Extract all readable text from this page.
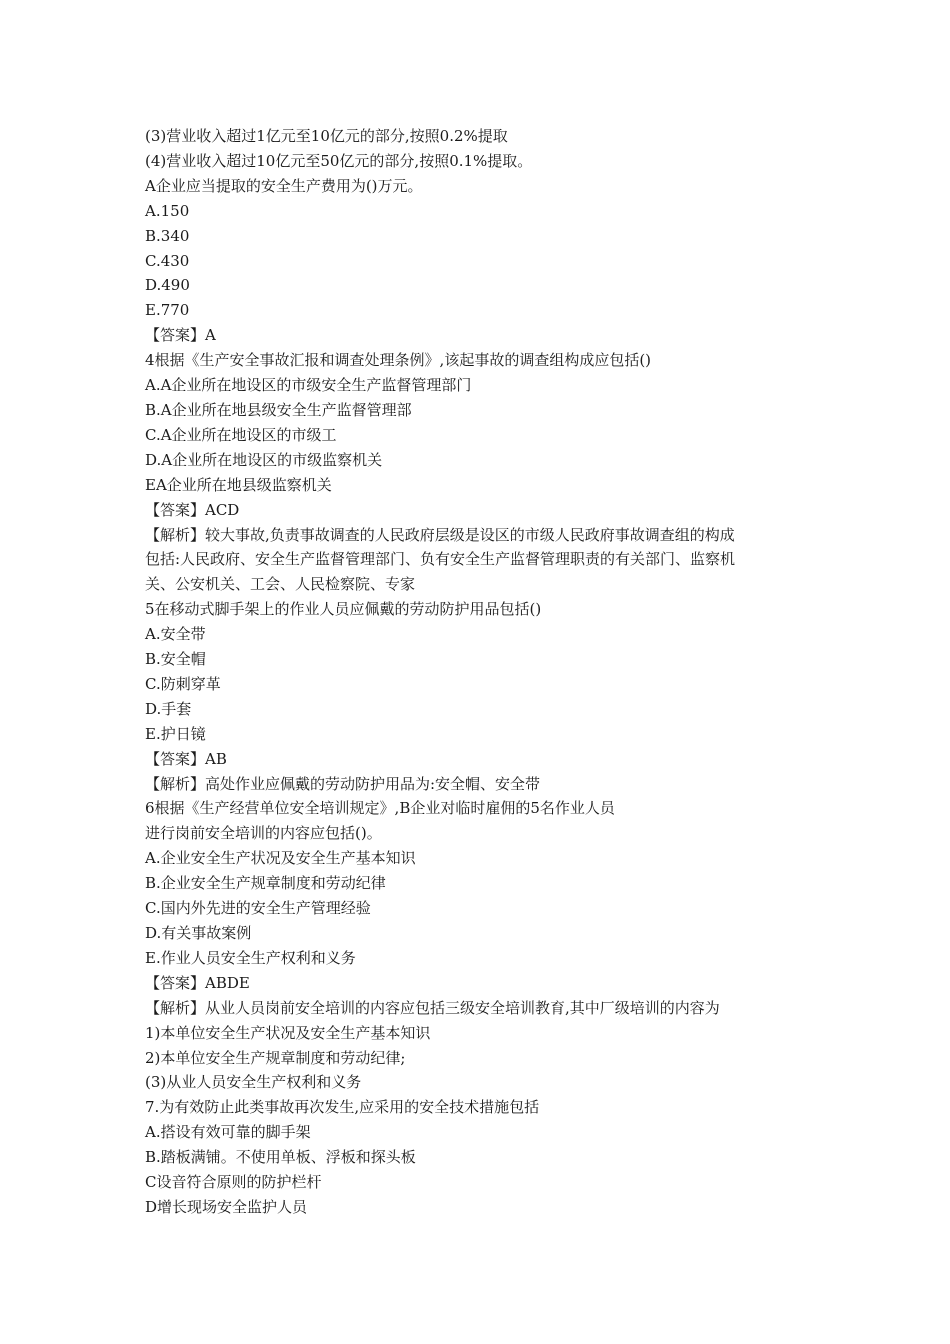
(3)营业收入超过1亿元至10亿元的部分,按照0.2%提取
(4)营业收入超过10亿元至50亿元的部分,按照0.1%提取。
A企业应当提取的安全生产费用为()万元。
A.150
B.340
C.430
D.490
E.770
【答案】A
4根据《生产安全事故汇报和调查处理条例》,该起事故的调查组构成应包括()
A.A企业所在地设区的市级安全生产监督管理部门
B.A企业所在地县级安全生产监督管理部
C.A企业所在地设区的市级工
D.A企业所在地设区的市级监察机关
EA企业所在地县级监察机关
【答案】ACD
【解析】较大事故,负责事故调查的人民政府层级是设区的市级人民政府事故调查组的构成
包括:人民政府、安全生产监督管理部门、负有安全生产监督管理职责的有关部门、监察机
关、公安机关、工会、人民检察院、专家
5在移动式脚手架上的作业人员应佩戴的劳动防护用品包括()
A.安全带
B.安全帽
C.防刺穿革
D.手套
E.护日镜
【答案】AB
【解析】高处作业应佩戴的劳动防护用品为:安全帽、安全带
6根据《生产经营单位安全培训规定》,B企业对临时雇佣的5名作业人员
进行岗前安全培训的内容应包括()。
A.企业安全生产状况及安全生产基本知识
B.企业安全生产规章制度和劳动纪律
C.国内外先进的安全生产管理经验
D.有关事故案例
E.作业人员安全生产权利和义务
【答案】ABDE
【解析】从业人员岗前安全培训的内容应包括三级安全培训教育,其中厂级培训的内容为
1)本单位安全生产状况及安全生产基本知识
2)本单位安全生产规章制度和劳动纪律;
(3)从业人员安全生产权利和义务
7.为有效防止此类事故再次发生,应采用的安全技术措施包括
A.搭设有效可靠的脚手架
B.踏板满铺。不使用单板、浮板和探头板
C设音符合原则的防护栏杆
D增长现场安全监护人员
